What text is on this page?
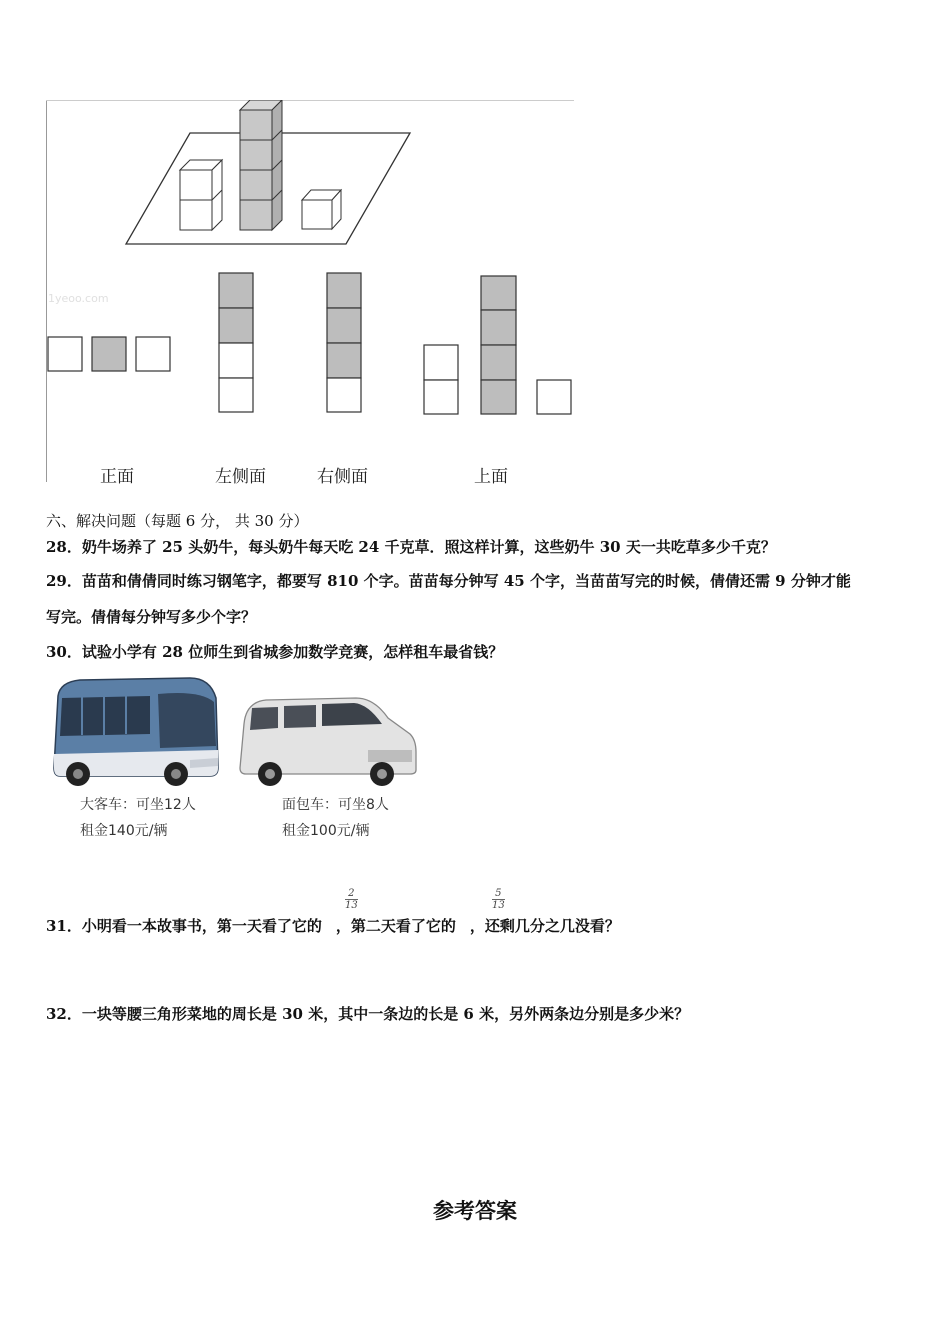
1yeoo.com
正面	左侧面	右侧面	上面
六、解决问题（每题 6 分， 共 30 分）
28．奶牛场养了 25 头奶牛，每头奶牛每天吃 24 千克草．照这样计算，这些奶牛 30 天一共吃草多少千克？
29．苗苗和倩倩同时练习钢笔字，都要写 810 个字。苗苗每分钟写 45 个字，当苗苗写完的时候，倩倩还需 9 分钟才能
写完。倩倩每分钟写多少个字？
30．试验小学有 28 位师生到省城参加数学竞赛，怎样租车最省钱？
大客车：可坐12人
租金140元/辆
面包车：可坐8人
租金100元/辆
31．小明看一本故事书，第一天看了它的 ，第二天看了它的 ，还剩几分之几没看？
$\frac{2}{13}$	$\frac{5}{13}$
32．一块等腰三角形菜地的周长是 30 米，其中一条边的长是 6 米，另外两条边分别是多少米？
参考答案
